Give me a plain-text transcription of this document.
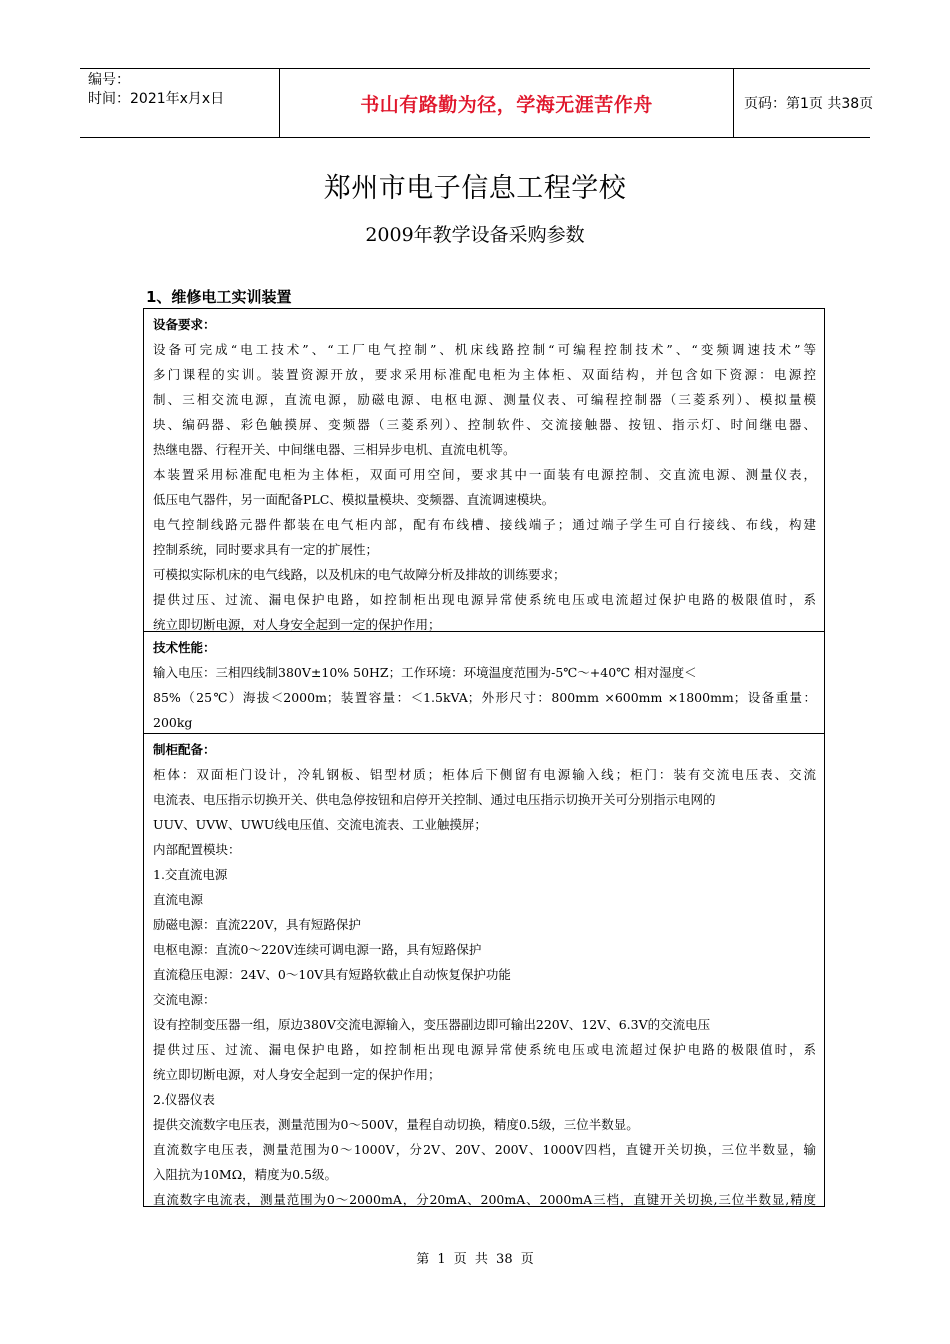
编号：
时间：2021年x月x日	书山有路勤为径，学海无涯苦作舟	页码：第1页 共38页
郑州市电子信息工程学校
2009年教学设备采购参数
1、维修电工实训装置
设备要求：
设备可完成“电工技术”、“工厂电气控制”、机床线路控制“可编程控制技术”、“变频调速技术”等
多门课程的实训。装置资源开放，要求采用标准配电柜为主体柜、双面结构，并包含如下资源：电源控
制、三相交流电源，直流电源，励磁电源、电枢电源、测量仪表、可编程控制器（三菱系列）、模拟量模
块、编码器、彩色触摸屏、变频器（三菱系列）、控制软件、交流接触器、按钮、指示灯、时间继电器、
热继电器、行程开关、中间继电器、三相异步电机、直流电机等。
本装置采用标准配电柜为主体柜，双面可用空间，要求其中一面装有电源控制、交直流电源、测量仪表，
低压电气器件，另一面配备PLC、模拟量模块、变频器、直流调速模块。
电气控制线路元器件都装在电气柜内部，配有布线槽、接线端子；通过端子学生可自行接线、布线，构建
控制系统，同时要求具有一定的扩展性；
可模拟实际机床的电气线路，以及机床的电气故障分析及排故的训练要求；
提供过压、过流、漏电保护电路，如控制柜出现电源异常使系统电压或电流超过保护电路的极限值时，系
统立即切断电源，对人身安全起到一定的保护作用；
技术性能：
输入电压：三相四线制380V±10% 50HZ；工作环境：环境温度范围为-5℃～+40℃ 相对湿度＜
85%（25℃）海拔＜2000m；装置容量：＜1.5kVA；外形尺寸：800mm ×600mm ×1800mm；设备重量：
200kg
制柜配备：
柜体：双面柜门设计，冷轧钢板、铝型材质；柜体后下侧留有电源输入线；柜门：装有交流电压表、交流
电流表、电压指示切换开关、供电急停按钮和启停开关控制、通过电压指示切换开关可分别指示电网的
UUV、UVW、UWU线电压值、交流电流表、工业触摸屏；
内部配置模块：
1.交直流电源
直流电源
励磁电源：直流220V，具有短路保护
电枢电源：直流0～220V连续可调电源一路，具有短路保护
直流稳压电源：24V、0～10V具有短路软截止自动恢复保护功能
交流电源：
设有控制变压器一组，原边380V交流电源输入，变压器副边即可输出220V、12V、6.3V的交流电压
提供过压、过流、漏电保护电路，如控制柜出现电源异常使系统电压或电流超过保护电路的极限值时，系
统立即切断电源，对人身安全起到一定的保护作用；
2.仪器仪表
提供交流数字电压表，测量范围为0～500V，量程自动切换，精度0.5级，三位半数显。
直流数字电压表，测量范围为0～1000V，分2V、20V、200V、1000V四档，直键开关切换，三位半数显，输
入阻抗为10MΩ，精度为0.5级。
直流数字电流表，测量范围为0～2000mA，分20mA、200mA、2000mA三档，直键开关切换,三位半数显,精度
第 1 页 共 38 页
